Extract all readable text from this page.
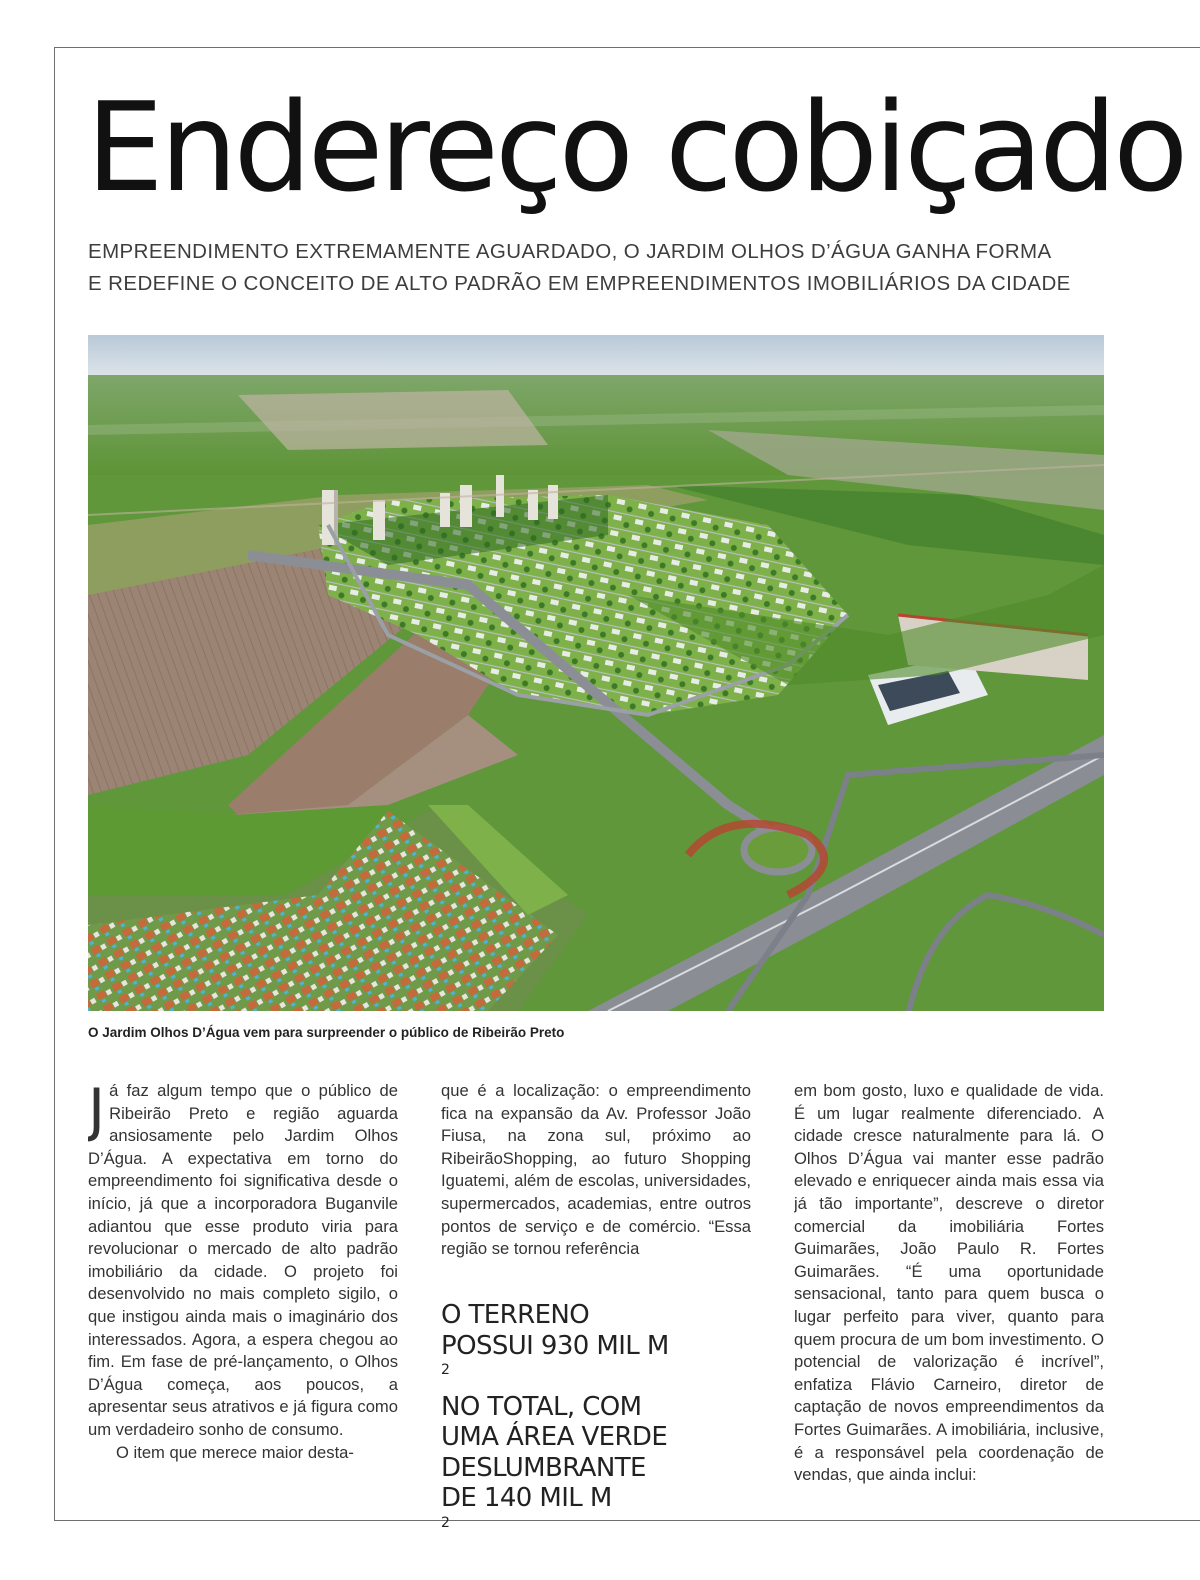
Endereço cobiçado

EMPREENDIMENTO EXTREMAMENTE AGUARDADO, O JARDIM OLHOS D’ÁGUA GANHA FORMA
E REDEFINE O CONCEITO DE ALTO PADRÃO EM EMPREENDIMENTOS IMOBILIÁRIOS DA CIDADE

O Jardim Olhos D’Água vem para surpreender o público de Ribeirão Preto

Já faz algum tempo que o público de Ribeirão Preto e região aguarda ansiosamente pelo Jardim Olhos D’Água. A expectativa em torno do empreendimento foi significativa desde o início, já que a incorporadora Buganvile adiantou que esse produto viria para revolucionar o mercado de alto padrão imobiliário da cidade. O projeto foi desenvolvido no mais completo sigilo, o que instigou ainda mais o imaginário dos interessados. Agora, a espera chegou ao fim. Em fase de pré-lançamento, o Olhos D’Água começa, aos poucos, a apresentar seus atrativos e já figura como um verdadeiro sonho de consumo.

O item que merece maior desta-

que é a localização: o empreendimento fica na expansão da Av. Professor João Fiusa, na zona sul, próximo ao RibeirãoShopping, ao futuro Shopping Iguatemi, além de escolas, universidades, supermercados, academias, entre outros pontos de serviço e de comércio. “Essa região se tornou referência

O TERRENO
POSSUI 930 MIL M
$^2$
NO TOTAL, COM
UMA ÁREA VERDE
DESLUMBRANTE
DE 140 MIL M
$^2$

em bom gosto, luxo e qualidade de vida. É um lugar realmente diferenciado. A cidade cresce naturalmente para lá. O Olhos D’Água vai manter esse padrão elevado e enriquecer ainda mais essa via já tão importante”, descreve o diretor comercial da imobiliária Fortes Guimarães, João Paulo R. Fortes Guimarães. “É uma oportunidade sensacional, tanto para quem busca o lugar perfeito para viver, quanto para quem procura de um bom investimento. O potencial de valorização é incrível”, enfatiza Flávio Carneiro, diretor de captação de novos empreendimentos da Fortes Guimarães. A imobiliária, inclusive, é a responsável pela coordenação de vendas, que ainda inclui:
